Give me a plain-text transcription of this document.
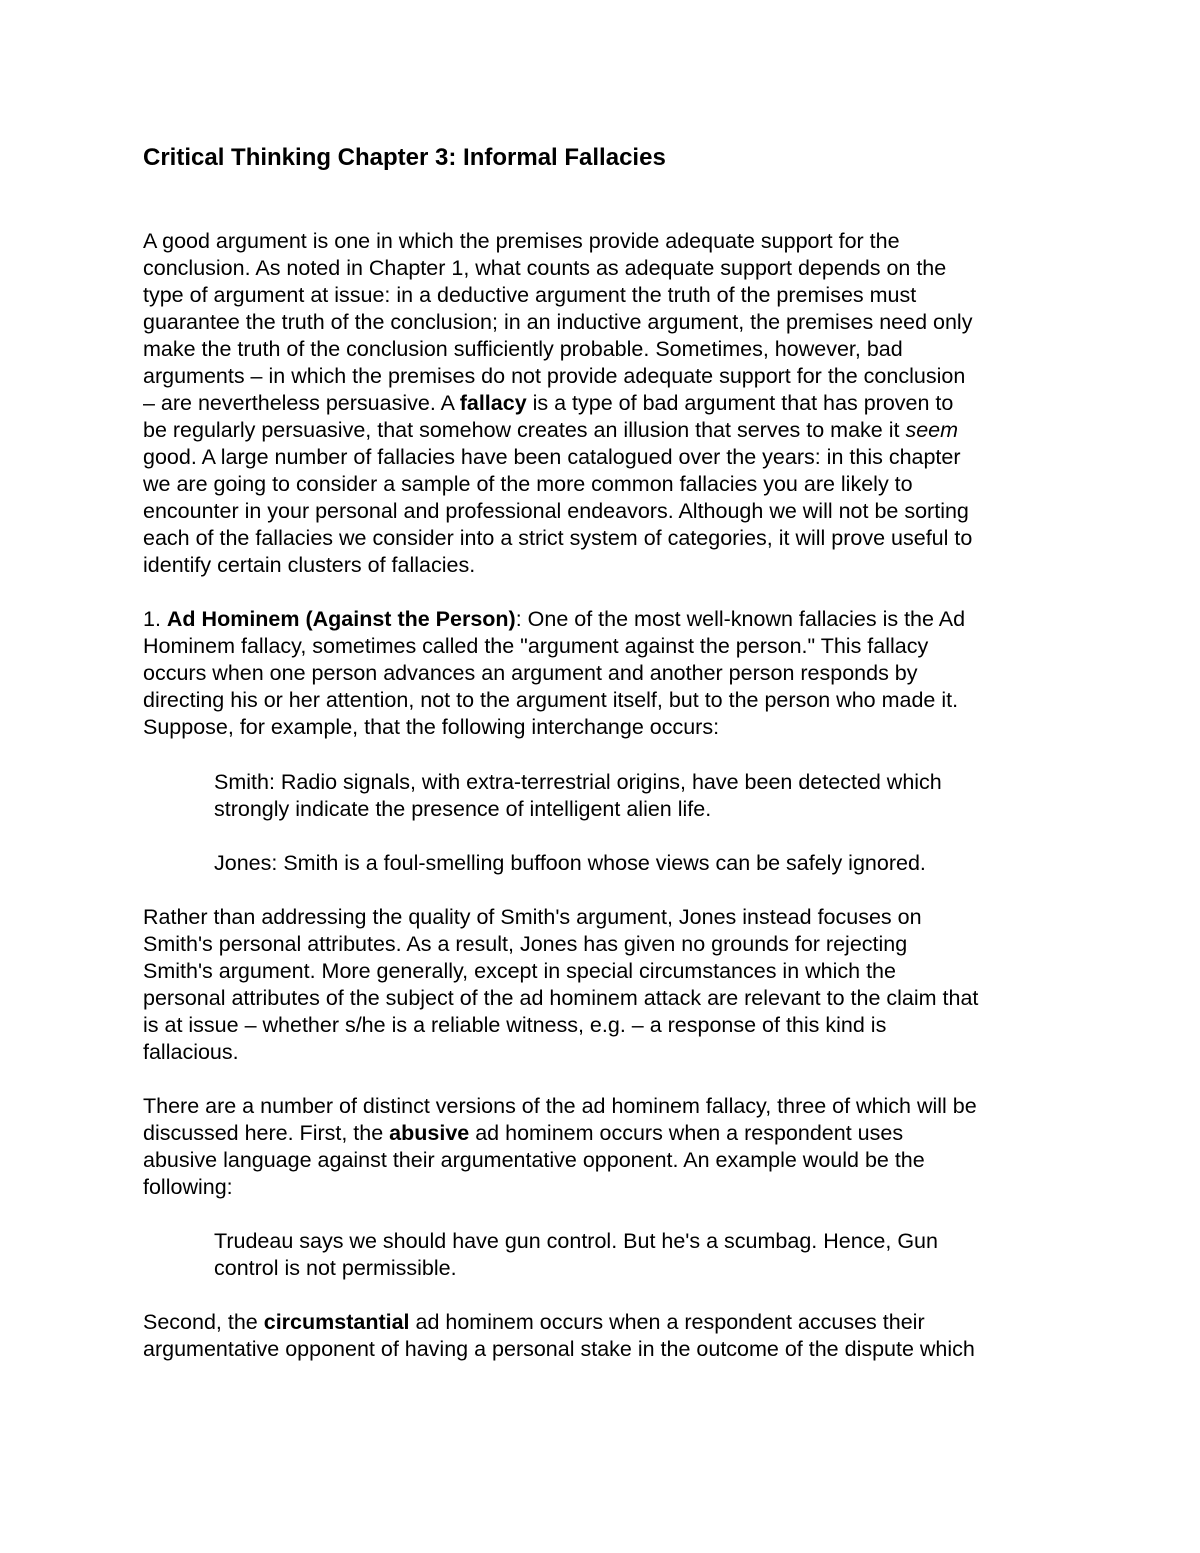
Critical Thinking Chapter 3: Informal Fallacies
A good argument is one in which the premises provide adequate support for the
conclusion. As noted in Chapter 1, what counts as adequate support depends on the
type of argument at issue: in a deductive argument the truth of the premises must
guarantee the truth of the conclusion; in an inductive argument, the premises need only
make the truth of the conclusion sufficiently probable. Sometimes, however, bad
arguments – in which the premises do not provide adequate support for the conclusion
– are nevertheless persuasive. A fallacy is a type of bad argument that has proven to
be regularly persuasive, that somehow creates an illusion that serves to make it seem
good. A large number of fallacies have been catalogued over the years: in this chapter
we are going to consider a sample of the more common fallacies you are likely to
encounter in your personal and professional endeavors. Although we will not be sorting
each of the fallacies we consider into a strict system of categories, it will prove useful to
identify certain clusters of fallacies.
1. Ad Hominem (Against the Person): One of the most well-known fallacies is the Ad
Hominem fallacy, sometimes called the "argument against the person." This fallacy
occurs when one person advances an argument and another person responds by
directing his or her attention, not to the argument itself, but to the person who made it.
Suppose, for example, that the following interchange occurs:
Smith: Radio signals, with extra-terrestrial origins, have been detected which
strongly indicate the presence of intelligent alien life.
Jones: Smith is a foul-smelling buffoon whose views can be safely ignored.
Rather than addressing the quality of Smith's argument, Jones instead focuses on
Smith's personal attributes. As a result, Jones has given no grounds for rejecting
Smith's argument. More generally, except in special circumstances in which the
personal attributes of the subject of the ad hominem attack are relevant to the claim that
is at issue – whether s/he is a reliable witness, e.g. – a response of this kind is
fallacious.
There are a number of distinct versions of the ad hominem fallacy, three of which will be
discussed here. First, the abusive ad hominem occurs when a respondent uses
abusive language against their argumentative opponent. An example would be the
following:
Trudeau says we should have gun control. But he's a scumbag. Hence, Gun
control is not permissible.
Second, the circumstantial ad hominem occurs when a respondent accuses their
argumentative opponent of having a personal stake in the outcome of the dispute which
